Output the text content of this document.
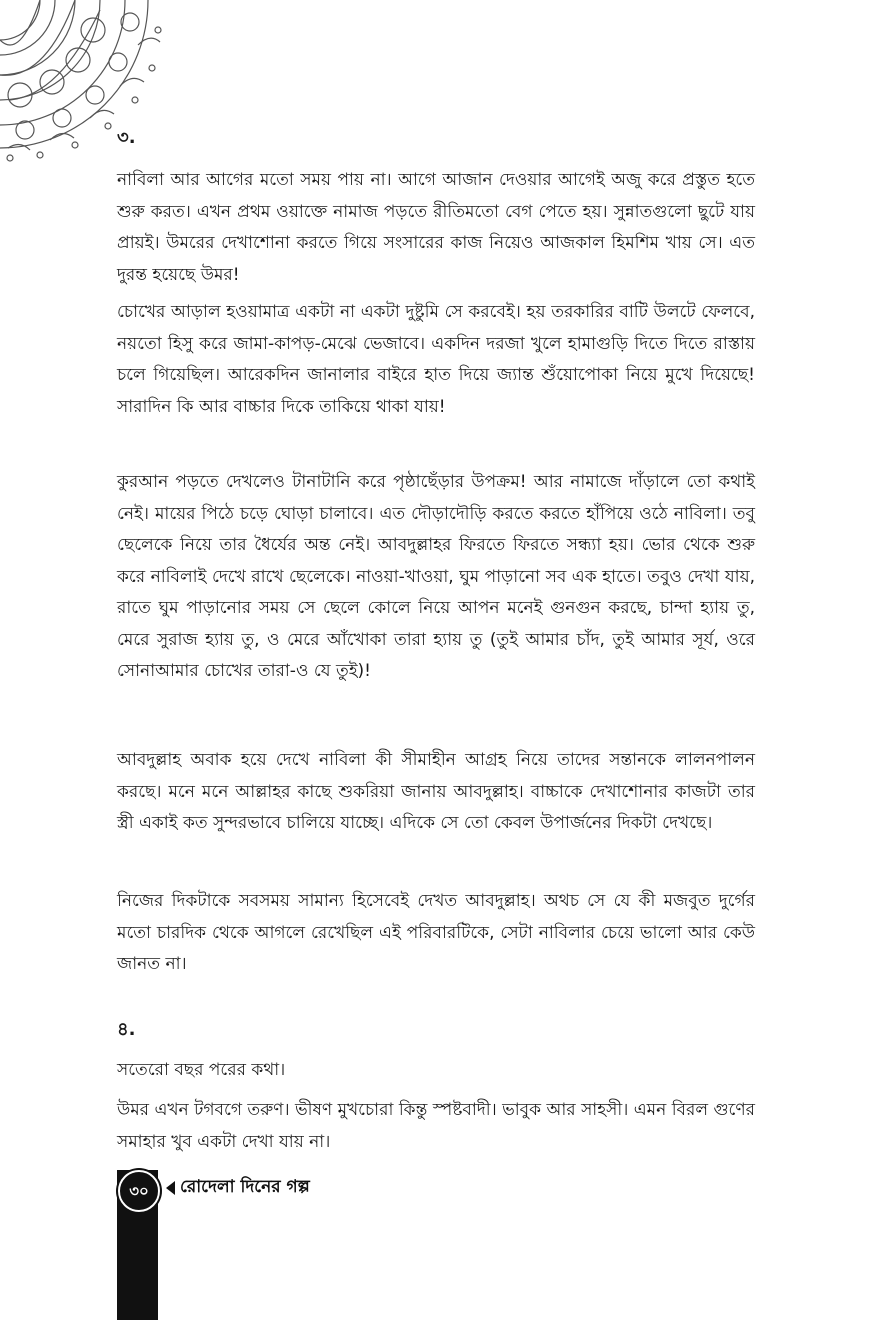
৩.

নাবিলা আর আগের মতো সময় পায় না। আগে আজান দেওয়ার আগেই অজু করে প্রস্তুত হতে শুরু করত। এখন প্রথম ওয়াক্তে নামাজ পড়তে রীতিমতো বেগ পেতে হয়। সুন্নাতগুলো ছুটে যায় প্রায়ই। উমরের দেখাশোনা করতে গিয়ে সংসারের কাজ নিয়েও আজকাল হিমশিম খায় সে। এত দুরন্ত হয়েছে উমর!

চোখের আড়াল হওয়ামাত্র একটা না একটা দুষ্টুমি সে করবেই। হয় তরকারির বাটি উলটে ফেলবে, নয়তো হিসু করে জামা-কাপড়-মেঝে ভেজাবে। একদিন দরজা খুলে হামাগুড়ি দিতে দিতে রাস্তায় চলে গিয়েছিল। আরেকদিন জানালার বাইরে হাত দিয়ে জ্যান্ত শুঁয়োপোকা নিয়ে মুখে দিয়েছে! সারাদিন কি আর বাচ্চার দিকে তাকিয়ে থাকা যায়!

কুরআন পড়তে দেখলেও টানাটানি করে পৃষ্ঠাছেঁড়ার উপক্রম! আর নামাজে দাঁড়ালে তো কথাই নেই। মায়ের পিঠে চড়ে ঘোড়া চালাবে। এত দৌড়াদৌড়ি করতে করতে হাঁপিয়ে ওঠে নাবিলা। তবু ছেলেকে নিয়ে তার ধৈর্যের অন্ত নেই। আবদুল্লাহর ফিরতে ফিরতে সন্ধ্যা হয়। ভোর থেকে শুরু করে নাবিলাই দেখে রাখে ছেলেকে। নাওয়া-খাওয়া, ঘুম পাড়ানো সব এক হাতে। তবুও দেখা যায়, রাতে ঘুম পাড়ানোর সময় সে ছেলে কোলে নিয়ে আপন মনেই গুনগুন করছে, চান্দা হ্যায় তু, মেরে সুরাজ হ্যায় তু, ও মেরে আঁখোকা তারা হ্যায় তু (তুই আমার চাঁদ, তুই আমার সূর্য, ওরে সোনাআমার চোখের তারা-ও যে তুই)!

আবদুল্লাহ অবাক হয়ে দেখে নাবিলা কী সীমাহীন আগ্রহ নিয়ে তাদের সন্তানকে লালনপালন করছে। মনে মনে আল্লাহর কাছে শুকরিয়া জানায় আবদুল্লাহ। বাচ্চাকে দেখাশোনার কাজটা তার স্ত্রী একাই কত সুন্দরভাবে চালিয়ে যাচ্ছে। এদিকে সে তো কেবল উপার্জনের দিকটা দেখছে।

নিজের দিকটাকে সবসময় সামান্য হিসেবেই দেখত আবদুল্লাহ। অথচ সে যে কী মজবুত দুর্গের মতো চারদিক থেকে আগলে রেখেছিল এই পরিবারটিকে, সেটা নাবিলার চেয়ে ভালো আর কেউ জানত না।

৪.

সতেরো বছর পরের কথা।

উমর এখন টগবগে তরুণ। ভীষণ মুখচোরা কিন্তু স্পষ্টবাদী। ভাবুক আর সাহসী। এমন বিরল গুণের সমাহার খুব একটা দেখা যায় না।

৩০	রোদেলা দিনের গল্প
